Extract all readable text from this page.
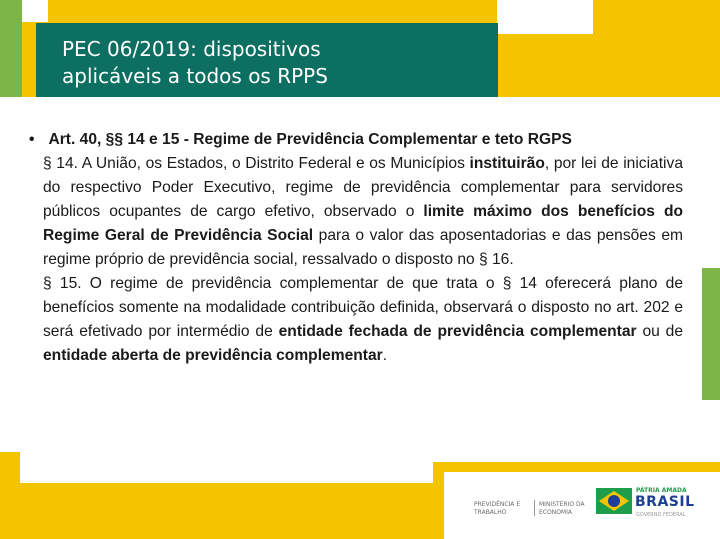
PEC 06/2019: dispositivos
aplicáveis a todos os RPPS
• Art. 40, §§ 14 e 15 - Regime de Previdência Complementar e teto RGPS

§ 14. A União, os Estados, o Distrito Federal e os Municípios instituirão, por lei de iniciativa do respectivo Poder Executivo, regime de previdência complementar para servidores públicos ocupantes de cargo efetivo, observado o limite máximo dos benefícios do Regime Geral de Previdência Social para o valor das aposentadorias e das pensões em regime próprio de previdência social, ressalvado o disposto no § 16.

§ 15. O regime de previdência complementar de que trata o § 14 oferecerá plano de benefícios somente na modalidade contribuição definida, observará o disposto no art. 202 e será efetivado por intermédio de entidade fechada de previdência complementar ou de entidade aberta de previdência complementar.

PREVIDÊNCIA E
TRABALHO
MINISTÉRIO DA
ECONOMIA
PÁTRIA AMADA
BRASIL
GOVERNO FEDERAL
